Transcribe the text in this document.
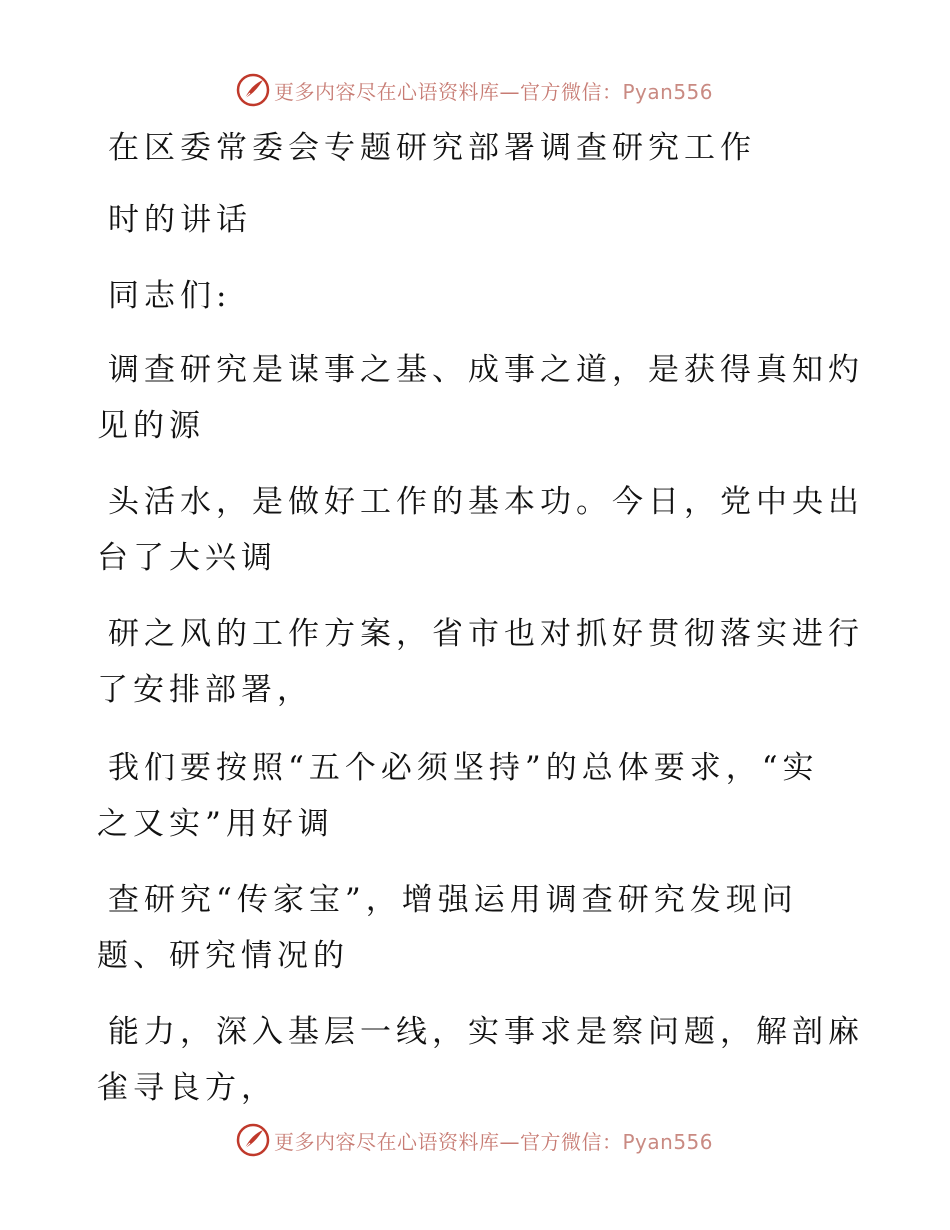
更多内容尽在心语资料库—官方微信：Pyan556

在区委常委会专题研究部署调查研究工作

时的讲话

同志们:

调查研究是谋事之基、成事之道，是获得真知灼

见的源

头活水，是做好工作的基本功。今日，党中央出

台了大兴调

研之风的工作方案，省市也对抓好贯彻落实进行

了安排部署，

我们要按照“五个必须坚持”的总体要求，“实

之又实”用好调

查研究“传家宝”，增强运用调查研究发现问

题、研究情况的

能力，深入基层一线，实事求是察问题，解剖麻

雀寻良方，

更多内容尽在心语资料库—官方微信：Pyan556
